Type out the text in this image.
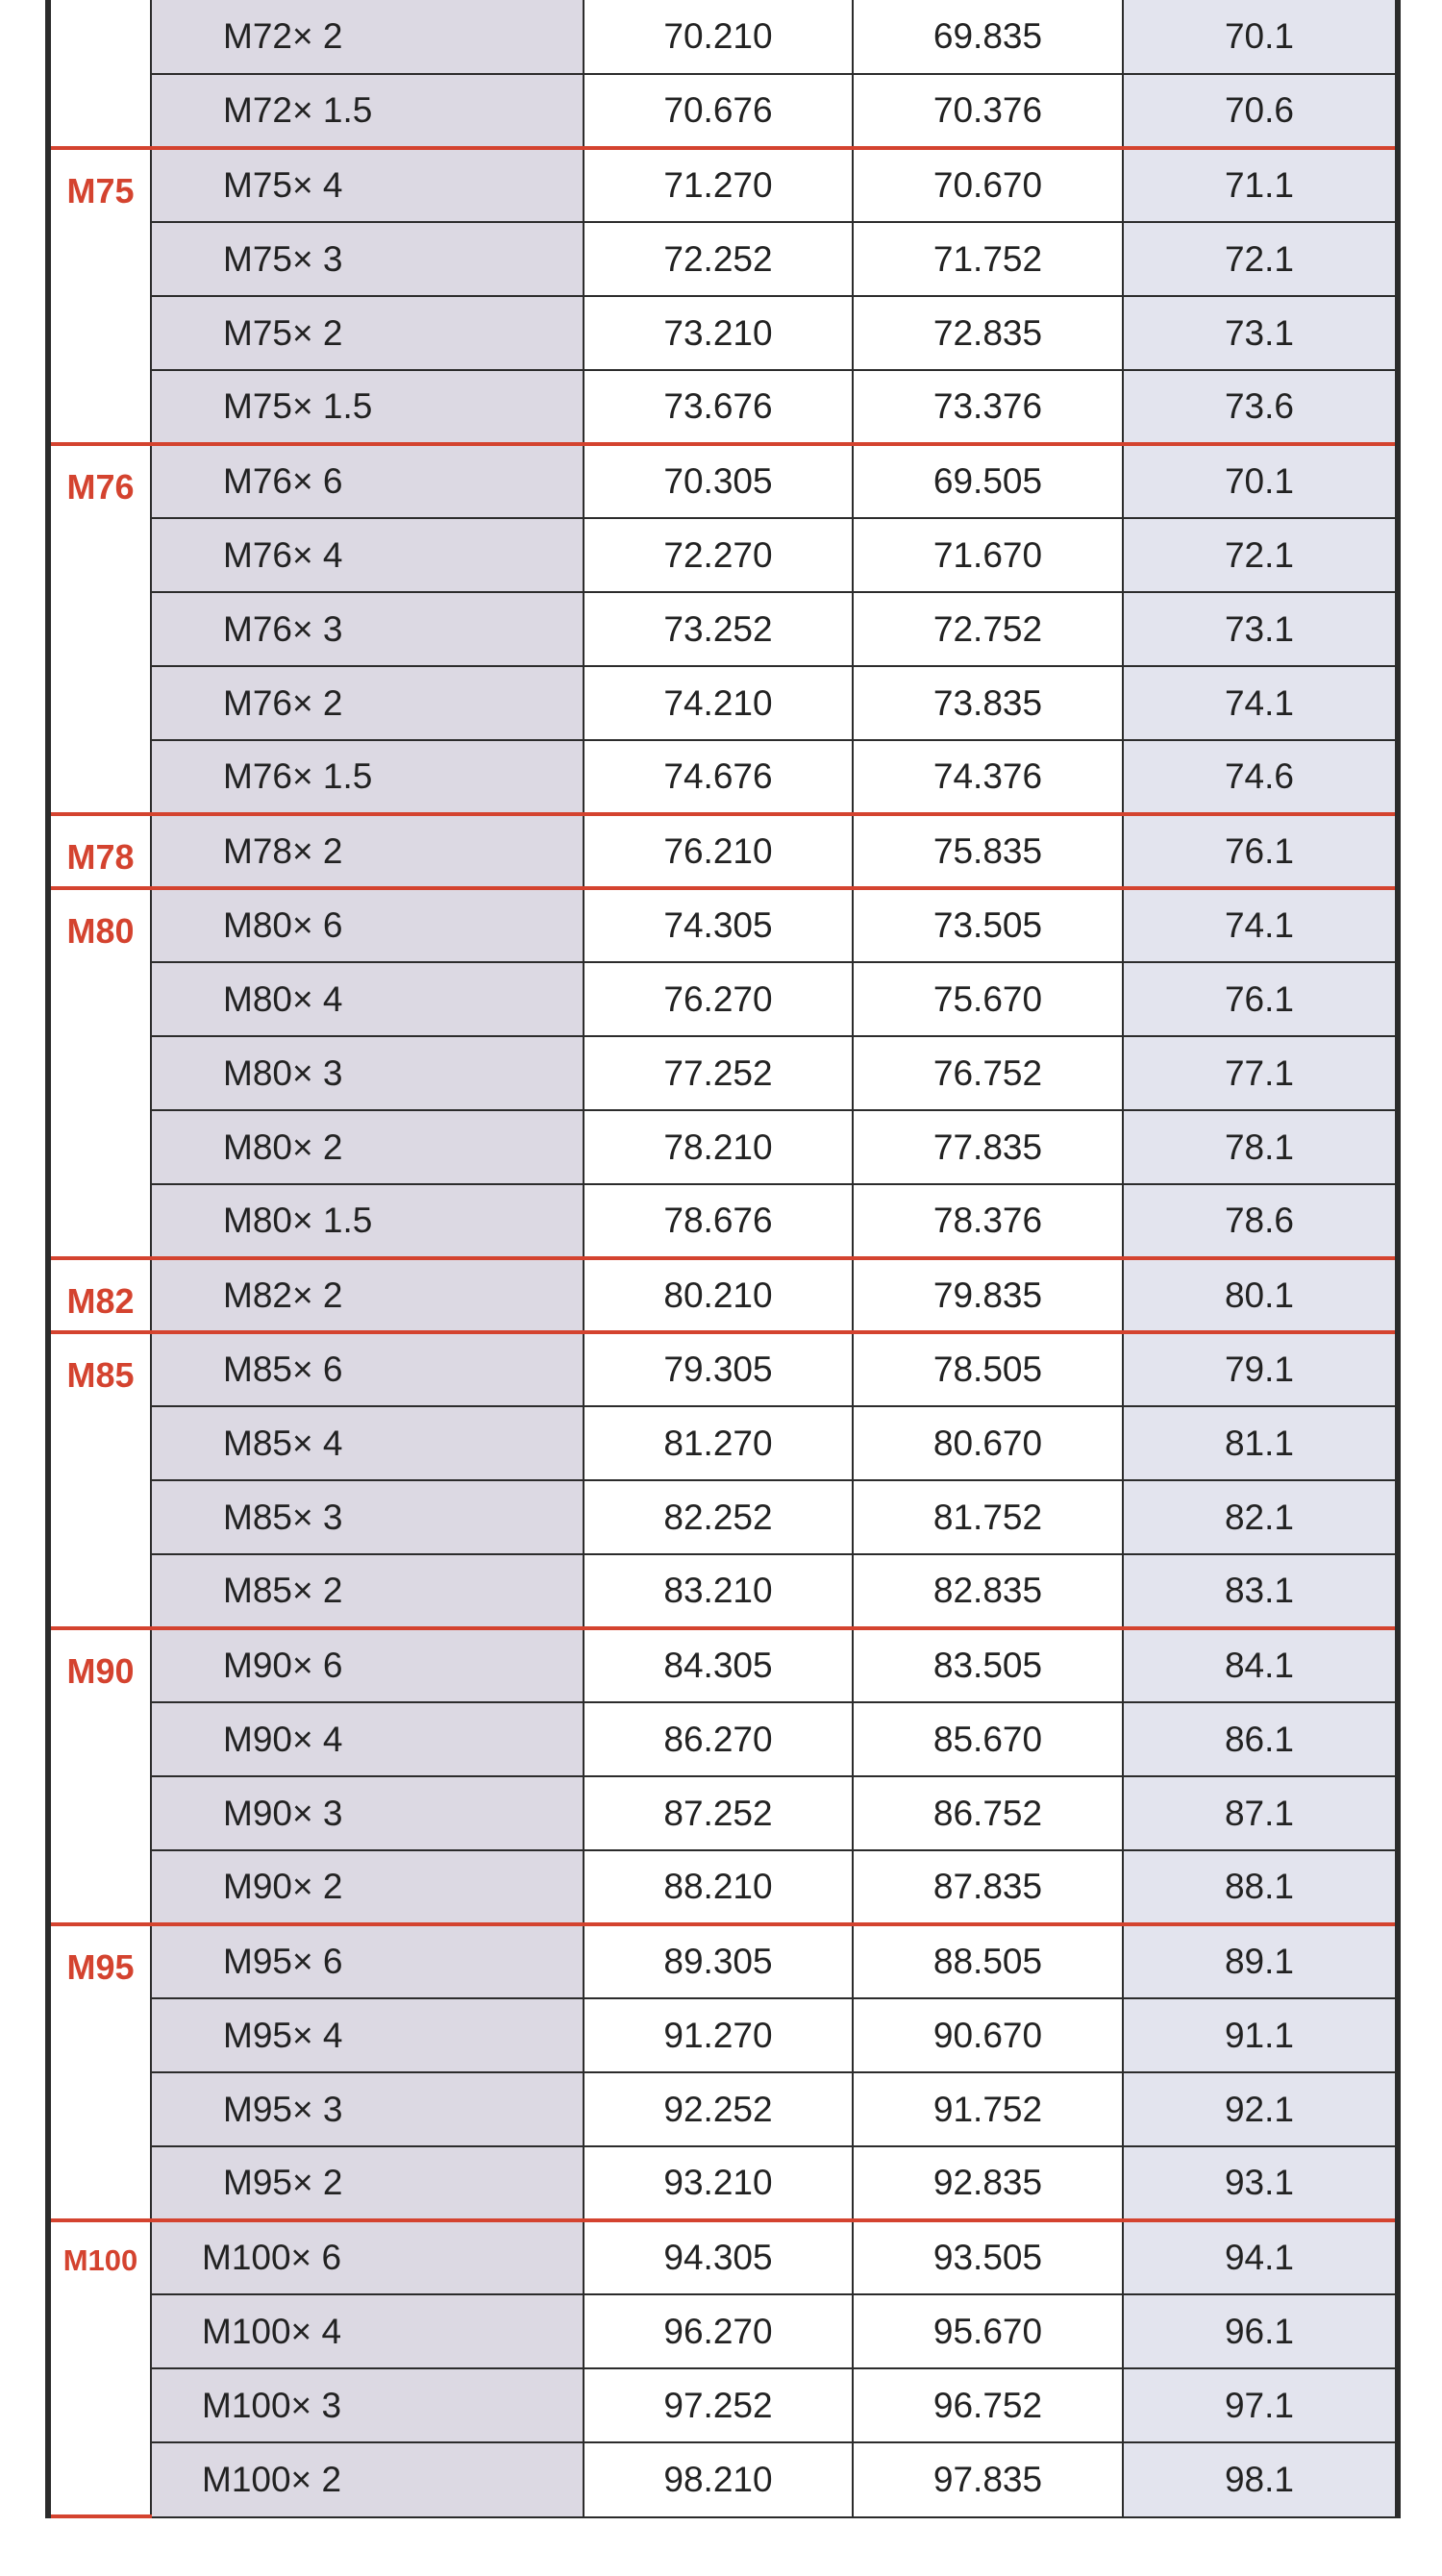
	M72× 2	70.210	69.835	70.1
	M72× 1.5	70.676	70.376	70.6
M75	M75× 4	71.270	70.670	71.1
	M75× 3	72.252	71.752	72.1
	M75× 2	73.210	72.835	73.1
	M75× 1.5	73.676	73.376	73.6
M76	M76× 6	70.305	69.505	70.1
	M76× 4	72.270	71.670	72.1
	M76× 3	73.252	72.752	73.1
	M76× 2	74.210	73.835	74.1
	M76× 1.5	74.676	74.376	74.6
M78	M78× 2	76.210	75.835	76.1
M80	M80× 6	74.305	73.505	74.1
	M80× 4	76.270	75.670	76.1
	M80× 3	77.252	76.752	77.1
	M80× 2	78.210	77.835	78.1
	M80× 1.5	78.676	78.376	78.6
M82	M82× 2	80.210	79.835	80.1
M85	M85× 6	79.305	78.505	79.1
	M85× 4	81.270	80.670	81.1
	M85× 3	82.252	81.752	82.1
	M85× 2	83.210	82.835	83.1
M90	M90× 6	84.305	83.505	84.1
	M90× 4	86.270	85.670	86.1
	M90× 3	87.252	86.752	87.1
	M90× 2	88.210	87.835	88.1
M95	M95× 6	89.305	88.505	89.1
	M95× 4	91.270	90.670	91.1
	M95× 3	92.252	91.752	92.1
	M95× 2	93.210	92.835	93.1
M100	M100× 6	94.305	93.505	94.1
	M100× 4	96.270	95.670	96.1
	M100× 3	97.252	96.752	97.1
	M100× 2	98.210	97.835	98.1
